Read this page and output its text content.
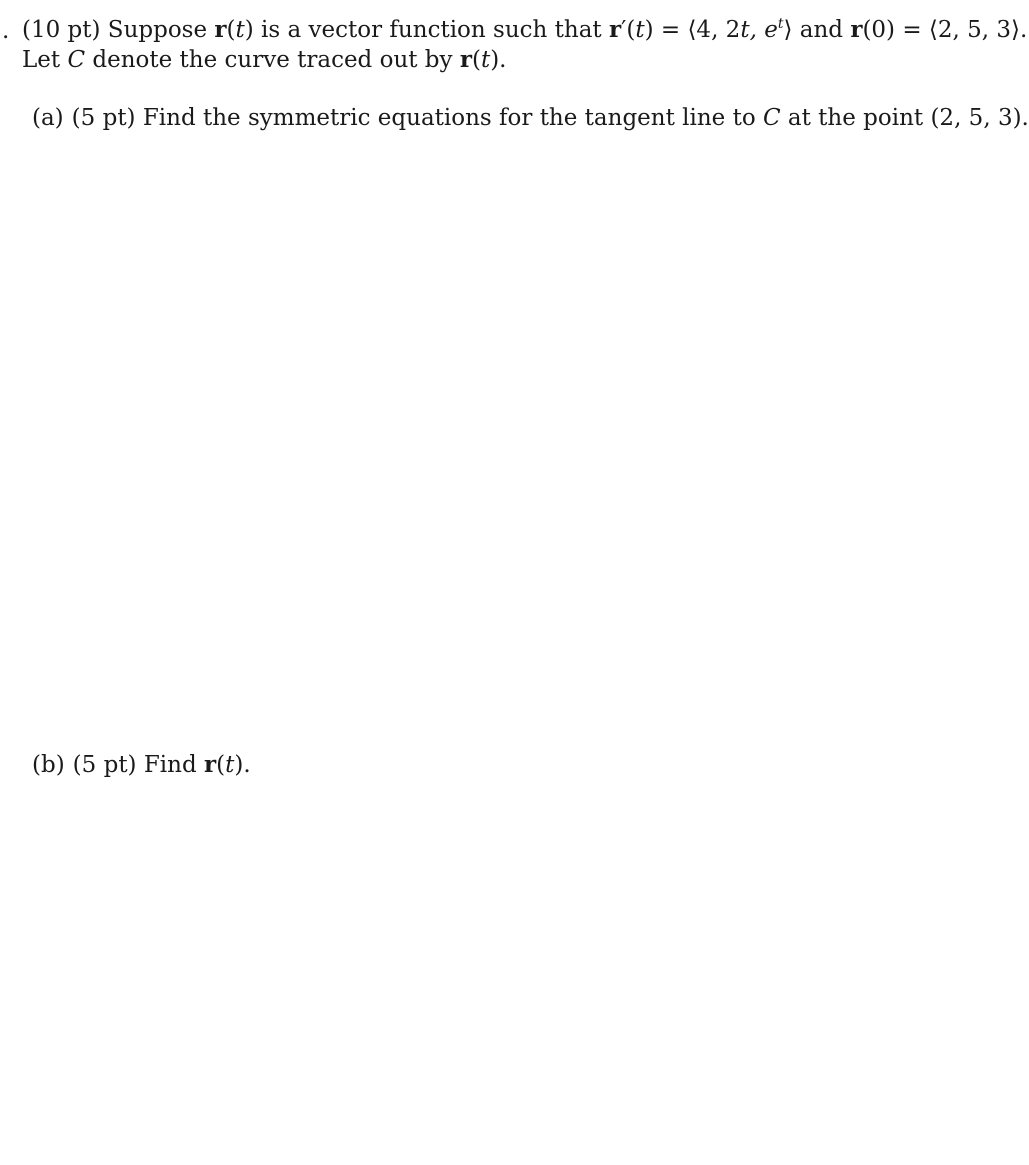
. (10 pt) Suppose r(t) is a vector function such that r′(t) = ⟨4, 2t, $e^t⟩$ and r(0) = ⟨2, 5, 3⟩.
Let C denote the curve traced out by r(t).
(a) (5 pt) Find the symmetric equations for the tangent line to C at the point (2, 5, 3).
(b) (5 pt) Find r(t).
